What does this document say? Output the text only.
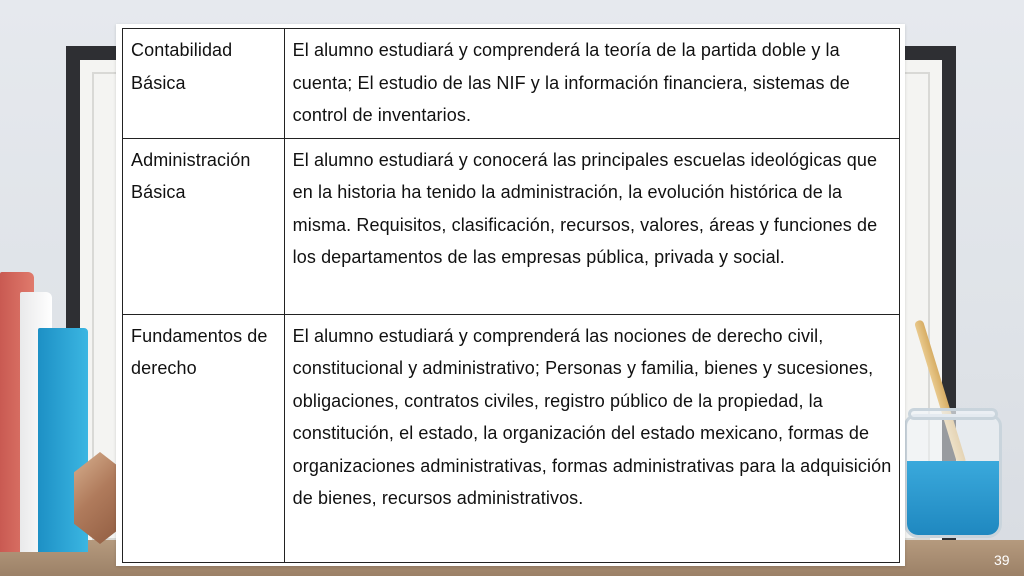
Contabilidad Básica	El alumno estudiará y comprenderá la teoría de la partida doble y la cuenta; El estudio de las NIF y la información financiera, sistemas de control de inventarios.
Administración Básica	El alumno estudiará y conocerá las principales escuelas ideológicas que en la historia ha tenido la administración, la evolución histórica de la misma. Requisitos, clasificación, recursos, valores, áreas y funciones de los departamentos de las empresas pública, privada y social.
Fundamentos de derecho	El alumno estudiará y comprenderá las nociones de derecho civil, constitucional y administrativo; Personas y familia, bienes y sucesiones, obligaciones, contratos civiles, registro público de la propiedad, la constitución, el estado, la organización del estado mexicano, formas de organizaciones administrativas, formas administrativas para la adquisición de bienes, recursos administrativos.
39
